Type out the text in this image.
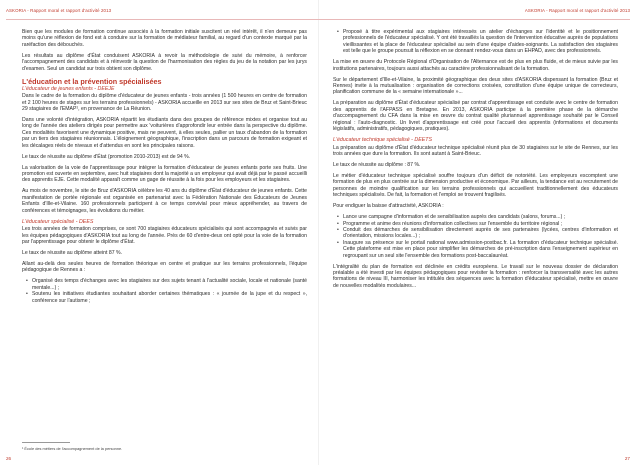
ASKORIA - Rapport moral et rapport d'activité 2013

Bien que les modules de formation continue associés à la formation initiale suscitent un réel intérêt, il n'en demeure pas moins qu'une réflexion de fond est à conduire sur la formation de médiateur familial, au regard d'un contexte marqué par la raréfaction des débouchés.

Les résultats au diplôme d'État conduisent ASKORIA à revoir la méthodologie de suivi du mémoire, à renforcer l'accompagnement des candidats et à réinvestir la question de l'harmonisation des règles du jeu de la notation par les jurys d'examen. Seul un candidat sur trois obtient son diplôme.

L'éducation et la prévention spécialisées
L'éducateur de jeunes enfants - DEEJE

Dans le cadre de la formation du diplôme d'éducateur de jeunes enfants - trois années (1 500 heures en centre de formation et 2 100 heures de stages sur les terrains professionnels) - ASKORIA accueille en 2013 sur ses sites de Bruz et Saint-Brieuc 29 stagiaires de l'EMAP¹, en provenance de La Réunion.

Dans une volonté d'intégration, ASKORIA répartit les étudiants dans des groupes de référence mixtes et organise tout au long de l'année des ateliers dirigés pour permettre aux 'voiturières d'approfondir leur entrée dans la perspective du diplôme. Ces modalités favorisent une dynamique positive, mais ne peuvent, à elles seules, pallier un taux d'abandon de la formation par un tiers des stagiaires réunionnais. L'éloignement géographique, l'inscription dans un parcours de formation exigeant et les décalages réels de niveaux et d'attendus en sont les principales raisons.

Le taux de réussite au diplôme d'État (promotion 2010-2013) est de 94 %.

La valorisation de la voie de l'apprentissage pour intégrer la formation d'éducateur de jeunes enfants porte ses fruits. Une promotion est ouverte en septembre, avec huit stagiaires dont la majorité a un employeur qui avait déjà par le passé accueilli des apprentis EJE. Cette modalité apparaît comme un gage de réussite à la fois pour les employeurs et les stagiaires.

Au mois de novembre, le site de Bruz d'ASKORIA célèbre les 40 ans du diplôme d'État d'éducateur de jeunes enfants. Cette manifestation de portée régionale est organisée en partenariat avec la Fédération Nationale des Éducateurs de Jeunes Enfants d'Ille-et-Vilaine. 160 professionnels participent à ce temps convivial pour mieux appréhender, au travers de conférences et témoignages, les évolutions du métier.

L'éducateur spécialisé - DEES

Les trois années de formation comprises, ce sont 700 stagiaires éducateurs spécialisés qui sont accompagnés et suivis par les équipes pédagogiques d'ASKORIA tout au long de l'année. Près de 60 d'entre-deux ont opté pour la voie de la formation par l'apprentissage pour obtenir le diplôme d'État.

Le taux de réussite au diplôme atteint 87 %.

Allant au-delà des seules heures de formation théorique en centre et pratique sur les terrains professionnels, l'équipe pédagogique de Rennes a :

• Organisé des temps d'échanges avec les stagiaires sur des sujets tenant à l'actualité sociale, locale et nationale (santé mentale...) ;
• Soutenu les initiatives étudiantes souhaitant aborder certaines thématiques : « journée de la jupe et du respect », conférence sur l'autisme ;
¹ École des métiers de l'accompagnement de la personne.
26
ASKORIA - Rapport moral et rapport d'activité 2013
• Proposé à titre expérimental aux stagiaires intéressés un atelier d'échanges sur l'identité et le positionnement professionnels de l'éducateur spécialisé. Y ont été travaillés la question de l'intervention éducative auprès de populations vieillissantes et la place de l'éducateur spécialisé au sein d'une équipe d'aides-soignants. La satisfaction des stagiaires est telle que le groupe poursuit la réflexion en se donnant rendez-vous dans un EHPAD, avec des professionnels.

La mise en œuvre du Protocole Régional d'Organisation de l'Alternance est de plus en plus fluide, et de mieux suivie par les institutions partenaires, toujours aussi attachés au caractère professionnalisant de la formation.

Sur le département d'Ille-et-Vilaine, la proximité géographique des deux sites d'ASKORIA dispensant la formation (Bruz et Rennes) invite à la mutualisation : organisation de corrections croisées, constitution d'une équipe unique de correcteurs, planification commune de la « semaine internationale »...

La préparation au diplôme d'État d'éducateur spécialisé par contrat d'apprentissage est conduite avec le centre de formation des apprentis de l'AFPASS en Bretagne. En 2013, ASKORIA participe à la première phase de la démarche d'accompagnement du CFA dans la mise en œuvre du contrat qualité pluriannuel apprentissage souhaité par le Conseil régional : l'auto-diagnostic. Un livret d'apprentissage est créé pour l'accueil des apprentis (informations et documents législatifs, administratifs, pédagogiques, pratiques).

L'éducateur technique spécialisé - DEETS

La préparation au diplôme d'État d'éducateur technique spécialisé réunit plus de 30 stagiaires sur le site de Rennes, sur les trois années que dure la formation. Ils sont autant à Saint-Brieuc.

Le taux de réussite au diplôme : 87 %.

Le métier d'éducateur technique spécialisé souffre toujours d'un déficit de notoriété. Les employeurs escomptent une formation de plus en plus centrée sur la dimension productive et économique. Par ailleurs, la tendance est au recrutement de personnes de moindre qualification sur les terrains professionnels qui accueillent traditionnellement des éducateurs techniques spécialisés. De fait, la formation et l'emploi se trouvent fragilisés.

Pour endiguer la baisse d'attractivité, ASKORIA :

• Lance une campagne d'information et de sensibilisation auprès des candidats (salons, forums...) ;
• Programme et anime des réunions d'information collectives sur l'ensemble du territoire régional ;
• Conduit des démarches de sensibilisation directement auprès de ses partenaires (lycées, centres d'information et d'orientation, missions locales...) ;
• Inaugure sa présence sur le portail national www.admission-postbac.fr. La formation d'éducateur technique spécialisé. Cette plateforme est mise en place pour simplifier les démarches de pré-inscription dans l'enseignement supérieur en regroupant sur un seul site l'ensemble des formations post-baccalauréat.

L'intégralité du plan de formation est déclinée en crédits européens. Le travail sur le nouveau dossier de déclaration préalable a été investi par les équipes pédagogiques pour revisiter la formation : renforcer la transversalité avec les autres formations de niveau III, harmoniser les intitulés des séquences avec la formation d'éducateur spécialisé, mettre en œuvre de nouvelles modalités modulaires...

27
